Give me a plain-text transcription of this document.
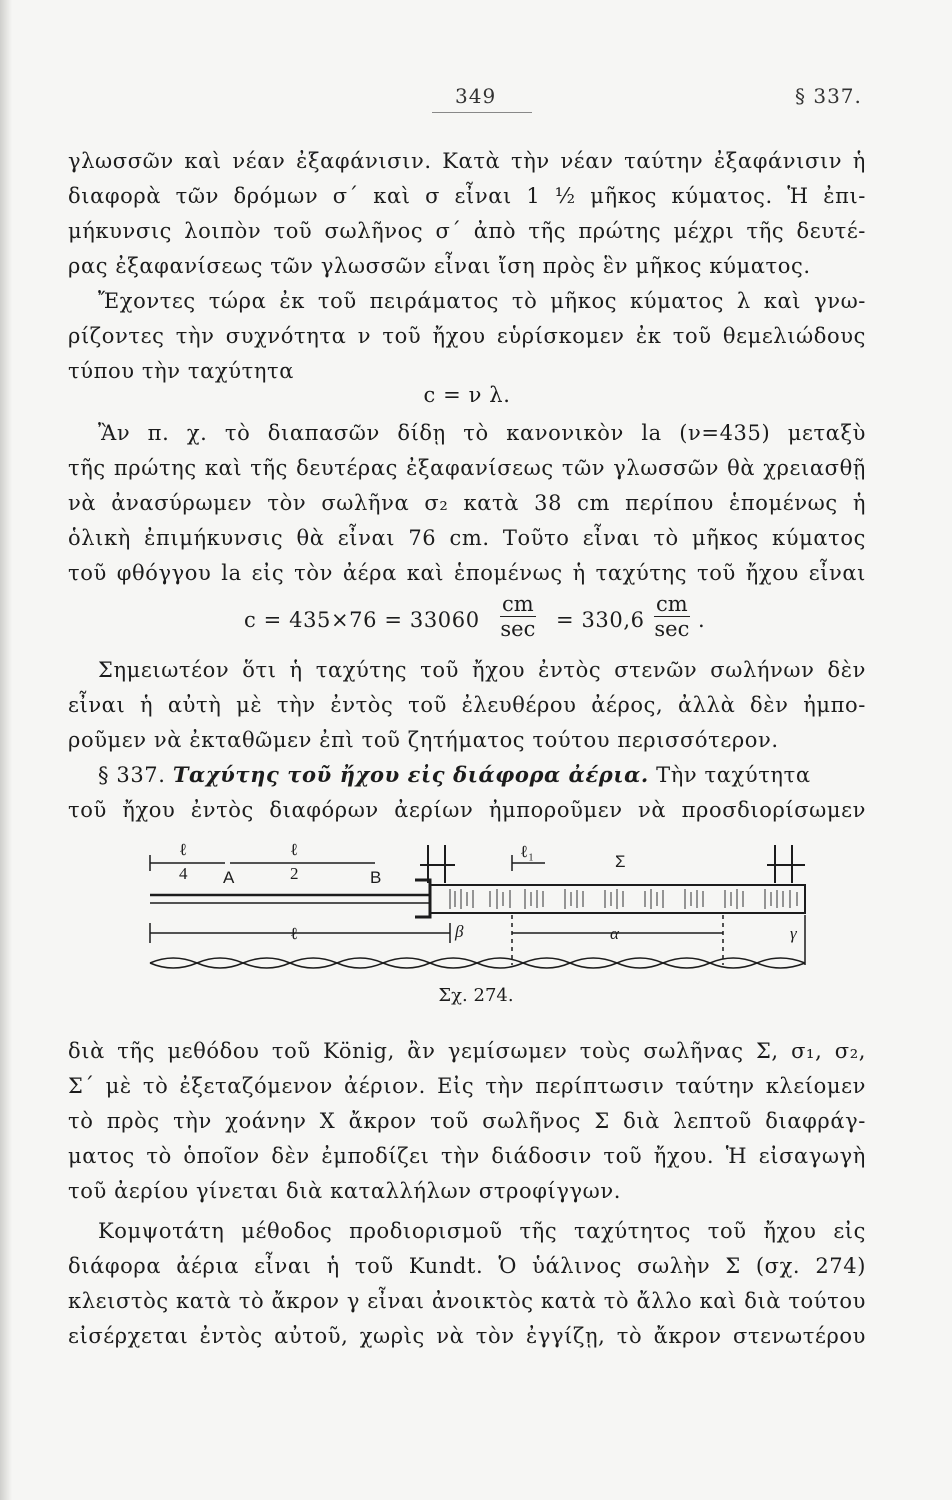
349	§ 337.
γλωσσῶν καὶ νέαν ἐξαφάνισιν. Κατὰ τὴν νέαν ταύτην ἐξαφάνισιν ἡ
διαφορὰ τῶν δρόμων σ΄ καὶ σ εἶναι 1 ½ μῆκος κύματος. Ἡ ἐπι-
μήκυνσις λοιπὸν τοῦ σωλῆνος σ΄ ἀπὸ τῆς πρώτης μέχρι τῆς δευτέ-
ρας ἐξαφανίσεως τῶν γλωσσῶν εἶναι ἴση πρὸς ἓν μῆκος κύματος.
Ἔχοντες τώρα ἐκ τοῦ πειράματος τὸ μῆκος κύματος λ καὶ γνω-
ρίζοντες τὴν συχνότητα ν τοῦ ἤχου εὑρίσκομεν ἐκ τοῦ θεμελιώδους
τύπου τὴν ταχύτητα
c = ν λ.
Ἂν π. χ. τὸ διαπασῶν δίδῃ τὸ κανονικὸν la (ν=435) μεταξὺ
τῆς πρώτης καὶ τῆς δευτέρας ἐξαφανίσεως τῶν γλωσσῶν θὰ χρειασθῇ
νὰ ἀνασύρωμεν τὸν σωλῆνα σ₂ κατὰ 38 cm περίπου ἑπομένως ἡ
ὁλικὴ ἐπιμήκυνσις θὰ εἶναι 76 cm. Τοῦτο εἶναι τὸ μῆκος κύματος
τοῦ φθόγγου la εἰς τὸν ἀέρα καὶ ἑπομένως ἡ ταχύτης τοῦ ἤχου εἶναι
c = 435×76 = 33060
cm
sec = 330,6
cm
sec .
Σημειωτέον ὅτι ἡ ταχύτης τοῦ ἤχου ἐντὸς στενῶν σωλήνων δὲν
εἶναι ἡ αὐτὴ μὲ τὴν ἐντὸς τοῦ ἐλευθέρου ἀέρος, ἀλλὰ δὲν ἠμπο-
ροῦμεν νὰ ἐκταθῶμεν ἐπὶ τοῦ ζητήματος τούτου περισσότερον.
§ 337. Ταχύτης τοῦ ἤχου εἰς διάφορα ἀέρια. Τὴν ταχύτητα
τοῦ ἤχου ἐντὸς διαφόρων ἀερίων ἠμποροῦμεν νὰ προσδιορίσωμεν
ℓ
4 A
ℓ
2	B
ℓ₁
Σ
ℓ	β	α	γ
Σχ. 274.
διὰ τῆς μεθόδου τοῦ König, ἂν γεμίσωμεν τοὺς σωλῆνας Σ, σ₁, σ₂,
Σ΄ μὲ τὸ ἐξεταζόμενον ἀέριον. Εἰς τὴν περίπτωσιν ταύτην κλείομεν
τὸ πρὸς τὴν χοάνην Χ ἄκρον τοῦ σωλῆνος Σ διὰ λεπτοῦ διαφράγ-
ματος τὸ ὁποῖον δὲν ἐμποδίζει τὴν διάδοσιν τοῦ ἤχου. Ἡ εἰσαγωγὴ
τοῦ ἀερίου γίνεται διὰ καταλλήλων στροφίγγων.
Κομψοτάτη μέθοδος προδιορισμοῦ τῆς ταχύτητος τοῦ ἤχου εἰς
διάφορα ἀέρια εἶναι ἡ τοῦ Kundt. Ὁ ὑάλινος σωλὴν Σ (σχ. 274)
κλειστὸς κατὰ τὸ ἄκρον γ εἶναι ἀνοικτὸς κατὰ τὸ ἄλλο καὶ διὰ τούτου
εἰσέρχεται ἐντὸς αὐτοῦ, χωρὶς νὰ τὸν ἐγγίζῃ, τὸ ἄκρον στενωτέρου
